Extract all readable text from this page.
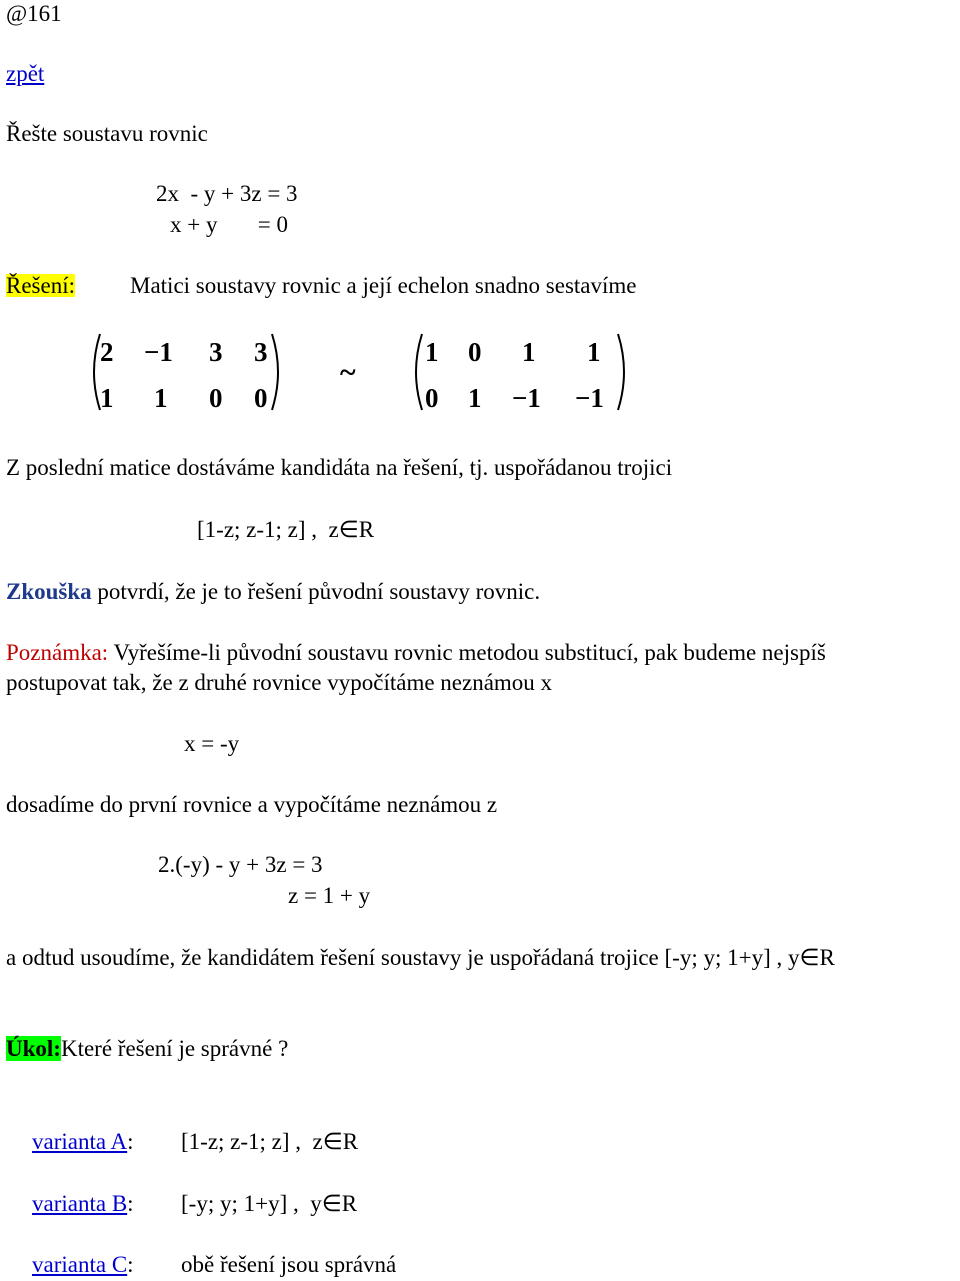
@161
zpět
Řešte soustavu rovnic
2x  - y + 3z = 3
x + y       = 0
Řešení: Matici soustavy rovnic a její echelon snadno sestavíme
2 −1 3 3
1 1 0 0
~
1 0 1 1
0 1 −1 −1
Z poslední matice dostáváme kandidáta na řešení, tj. uspořádanou trojici
[1-z; z-1; z] ,  z∈R
Zkouška potvrdí, že je to řešení původní soustavy rovnic.
Poznámka: Vyřešíme-li původní soustavu rovnic metodou substitucí, pak budeme nejspíš
postupovat tak, že z druhé rovnice vypočítáme neznámou x
x = -y
dosadíme do první rovnice a vypočítáme neznámou z
2.(-y) - y + 3z = 3
z = 1 + y
a odtud usoudíme, že kandidátem řešení soustavy je uspořádaná trojice [-y; y; 1+y] , y∈R
Úkol:Které řešení je správné ?
varianta A: [1-z; z-1; z] ,  z∈R
varianta B: [-y; y; 1+y] ,  y∈R
varianta C: obě řešení jsou správná
